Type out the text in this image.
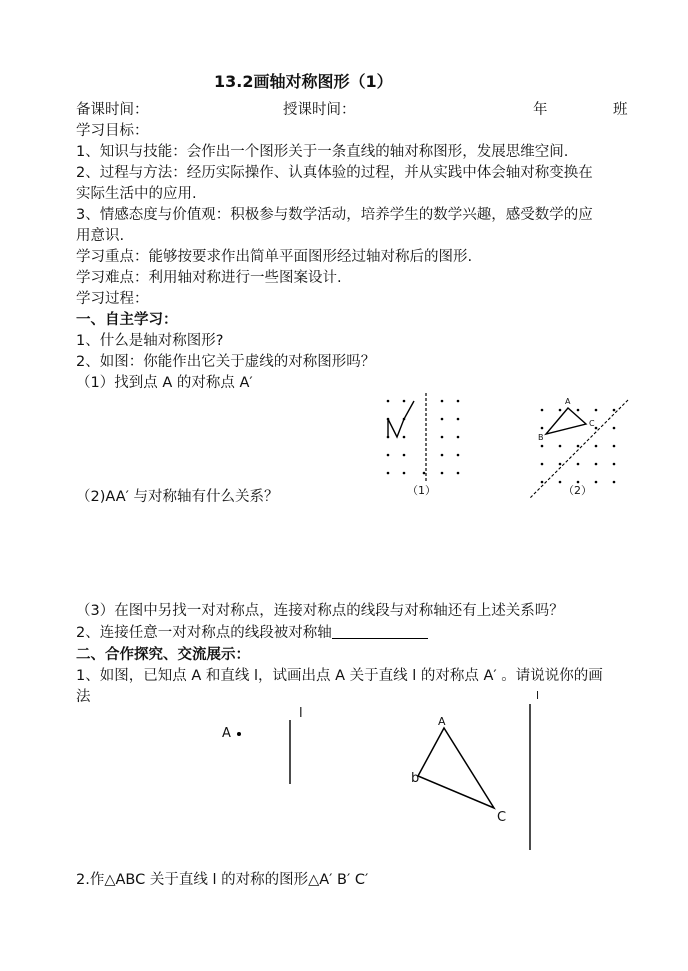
13.2画轴对称图形（1）
备课时间：	授课时间：	年	班
学习目标：
1、知识与技能：会作出一个图形关于一条直线的轴对称图形，发展思维空间.
2、过程与方法：经历实际操作、认真体验的过程，并从实践中体会轴对称变换在
实际生活中的应用.
3、情感态度与价值观：积极参与数学活动，培养学生的数学兴趣，感受数学的应
用意识.
学习重点：能够按要求作出简单平面图形经过轴对称后的图形.
学习难点：利用轴对称进行一些图案设计.
学习过程：
一、自主学习：
1、什么是轴对称图形?
2、如图：你能作出它关于虚线的对称图形吗？
（1）找到点 A 的对称点 A′
（2)AA′ 与对称轴有什么关系？
（3）在图中另找一对对称点，连接对称点的线段与对称轴还有上述关系吗？
2、连接任意一对对称点的线段被对称轴
（1）
A
B
C
（2）
二、合作探究、交流展示：
1、如图，已知点 A 和直线 l，试画出点 A 关于直线 l 的对称点 A′ 。请说说你的画
法
A
l
A
b
C
l
2.作△ABC 关于直线 l 的对称的图形△A′ B′ C′
